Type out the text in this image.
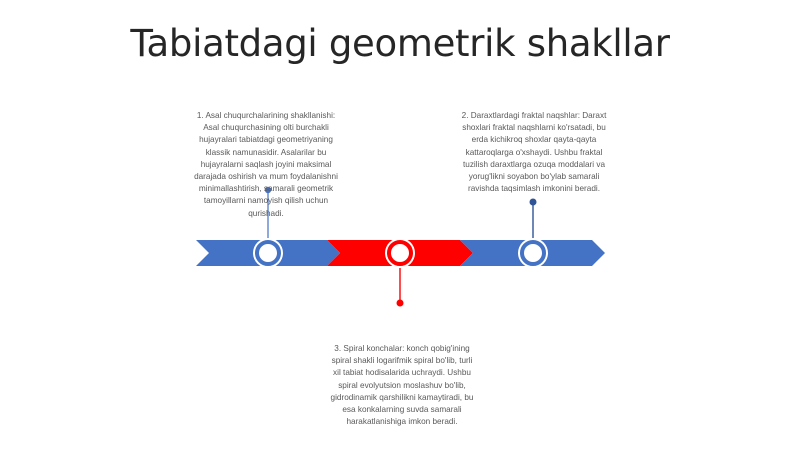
Tabiatdagi geometrik shakllar
1. Asal chuqurchalarining shakllanishi: Asal chuqurchasining olti burchakli hujayralari tabiatdagi geometriyaning klassik namunasidir. Asalarilar bu hujayralarni saqlash joyini maksimal darajada oshirish va mum foydalanishni minimallashtirish, samarali geometrik tamoyillarni namoyish qilish uchun qurishadi.
2. Daraxtlardagi fraktal naqshlar: Daraxt shoxlari fraktal naqshlarni ko'rsatadi, bu erda kichikroq shoxlar qayta-qayta kattaroqlarga o'xshaydi. Ushbu fraktal tuzilish daraxtlarga ozuqa moddalari va yorug'likni soyabon bo'ylab samarali ravishda taqsimlash imkonini beradi.
3. Spiral konchalar: konch qobig'ining spiral shakli logarifmik spiral bo'lib, turli xil tabiat hodisalarida uchraydi. Ushbu spiral evolyutsion moslashuv bo'lib, gidrodinamik qarshilikni kamaytiradi, bu esa konkalarning suvda samarali harakatlanishiga imkon beradi.
